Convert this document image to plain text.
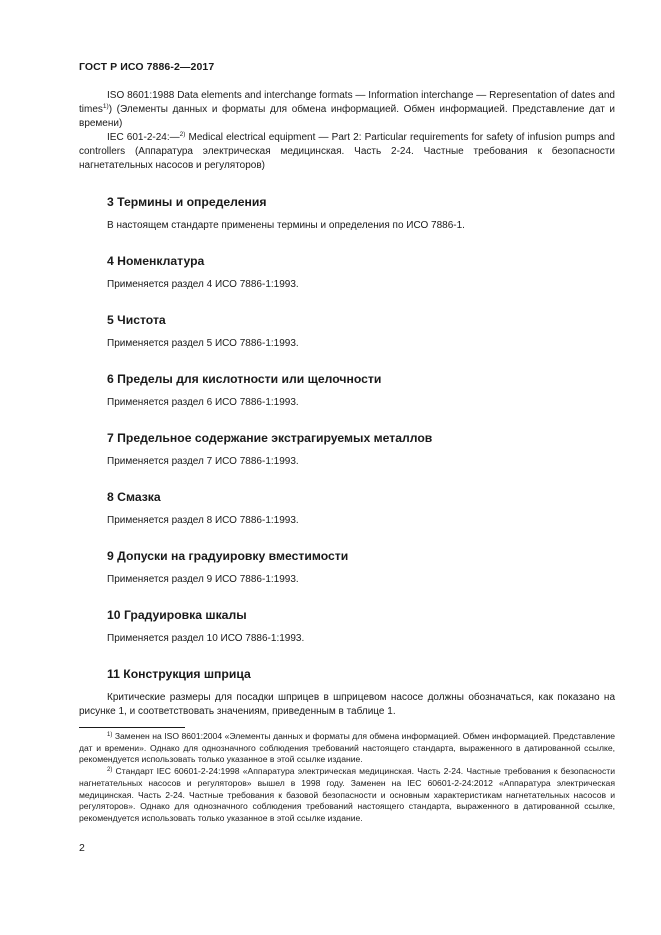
ГОСТ Р ИСО 7886-2—2017

ISO 8601:1988 Data elements and interchange formats — Information interchange — Representation of dates and times$^{1)}$) (Элементы данных и форматы для обмена информацией. Обмен информацией. Представление дат и времени)

IEC 601-2-24:—$^{2)}$ Medical electrical equipment — Part 2: Particular requirements for safety of infusion pumps and controllers (Аппаратура электрическая медицинская. Часть 2-24. Частные требования к безопасности нагнетательных насосов и регуляторов)

3 Термины и определения

В настоящем стандарте применены термины и определения по ИСО 7886-1.

4 Номенклатура

Применяется раздел 4 ИСО 7886-1:1993.

5 Чистота

Применяется раздел 5 ИСО 7886-1:1993.

6 Пределы для кислотности или щелочности

Применяется раздел 6 ИСО 7886-1:1993.

7 Предельное содержание экстрагируемых металлов

Применяется раздел 7 ИСО 7886-1:1993.

8 Смазка

Применяется раздел 8 ИСО 7886-1:1993.

9 Допуски на градуировку вместимости

Применяется раздел 9 ИСО 7886-1:1993.

10 Градуировка шкалы

Применяется раздел 10 ИСО 7886-1:1993.

11 Конструкция шприца

Критические размеры для посадки шприцев в шприцевом насосе должны обозначаться, как показано на рисунке 1, и соответствовать значениям, приведенным в таблице 1.

$^{1)}$ Заменен на ISO 8601:2004 «Элементы данных и форматы для обмена информацией. Обмен информацией. Представление дат и времени». Однако для однозначного соблюдения требований настоящего стандарта, выраженного в датированной ссылке, рекомендуется использовать только указанное в этой ссылке издание.

$^{2)}$ Стандарт IEC 60601-2-24:1998 «Аппаратура электрическая медицинская. Часть 2-24. Частные требования к безопасности нагнетательных насосов и регуляторов» вышел в 1998 году. Заменен на IEC 60601-2-24:2012 «Аппаратура электрическая медицинская. Часть 2-24. Частные требования к базовой безопасности и основным характеристикам нагнетательных насосов и регуляторов». Однако для однозначного соблюдения требований настоящего стандарта, выраженного в датированной ссылке, рекомендуется использовать только указанное в этой ссылке издание.

2
